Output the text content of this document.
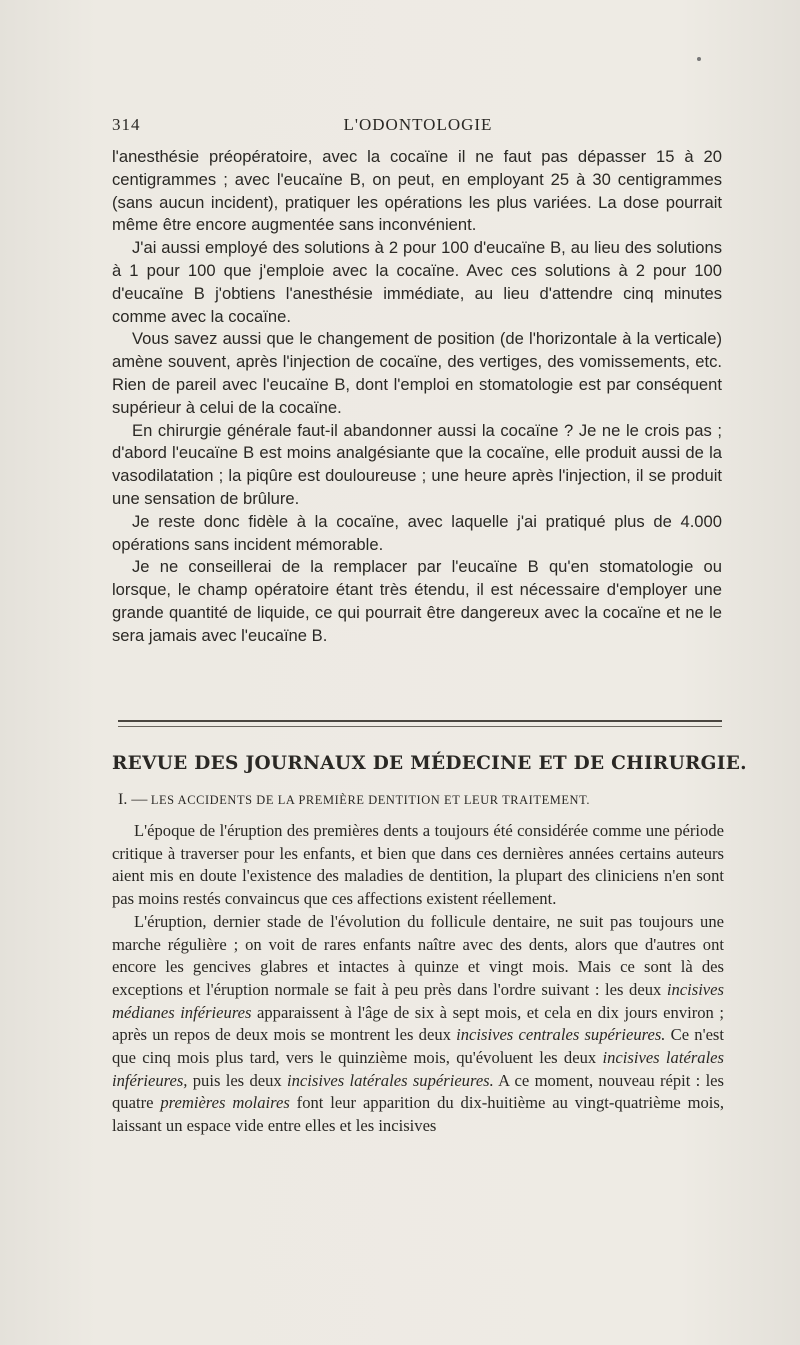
314	L'ODONTOLOGIE

l'anesthésie préopératoire, avec la cocaïne il ne faut pas dépasser 15 à 20 centigrammes ; avec l'eucaïne B, on peut, en employant 25 à 30 centigrammes (sans aucun incident), pratiquer les opérations les plus variées. La dose pourrait même être encore augmentée sans inconvénient.

J'ai aussi employé des solutions à 2 pour 100 d'eucaïne B, au lieu des solutions à 1 pour 100 que j'emploie avec la cocaïne. Avec ces solutions à 2 pour 100 d'eucaïne B j'obtiens l'anesthésie immédiate, au lieu d'attendre cinq minutes comme avec la cocaïne.

Vous savez aussi que le changement de position (de l'horizontale à la verticale) amène souvent, après l'injection de cocaïne, des vertiges, des vomissements, etc. Rien de pareil avec l'eucaïne B, dont l'emploi en stomatologie est par conséquent supérieur à celui de la cocaïne.

En chirurgie générale faut-il abandonner aussi la cocaïne ? Je ne le crois pas ; d'abord l'eucaïne B est moins analgésiante que la cocaïne, elle produit aussi de la vasodilatation ; la piqûre est douloureuse ; une heure après l'injection, il se produit une sensation de brûlure.

Je reste donc fidèle à la cocaïne, avec laquelle j'ai pratiqué plus de 4.000 opérations sans incident mémorable.

Je ne conseillerai de la remplacer par l'eucaïne B qu'en stomatologie ou lorsque, le champ opératoire étant très étendu, il est nécessaire d'employer une grande quantité de liquide, ce qui pourrait être dangereux avec la cocaïne et ne le sera jamais avec l'eucaïne B.

REVUE DES JOURNAUX DE MÉDECINE ET DE CHIRURGIE.
I. — LES ACCIDENTS DE LA PREMIÈRE DENTITION ET LEUR TRAITEMENT.

L'époque de l'éruption des premières dents a toujours été considérée comme une période critique à traverser pour les enfants, et bien que dans ces dernières années certains auteurs aient mis en doute l'existence des maladies de dentition, la plupart des cliniciens n'en sont pas moins restés convaincus que ces affections existent réellement.

L'éruption, dernier stade de l'évolution du follicule dentaire, ne suit pas toujours une marche régulière ; on voit de rares enfants naître avec des dents, alors que d'autres ont encore les gencives glabres et intactes à quinze et vingt mois. Mais ce sont là des exceptions et l'éruption normale se fait à peu près dans l'ordre suivant : les deux incisives médianes inférieures apparaissent à l'âge de six à sept mois, et cela en dix jours environ ; après un repos de deux mois se montrent les deux incisives centrales supérieures. Ce n'est que cinq mois plus tard, vers le quinzième mois, qu'évoluent les deux incisives latérales inférieures, puis les deux incisives latérales supérieures. A ce moment, nouveau répit : les quatre premières molaires font leur apparition du dix-huitième au vingt-quatrième mois, laissant un espace vide entre elles et les incisives
